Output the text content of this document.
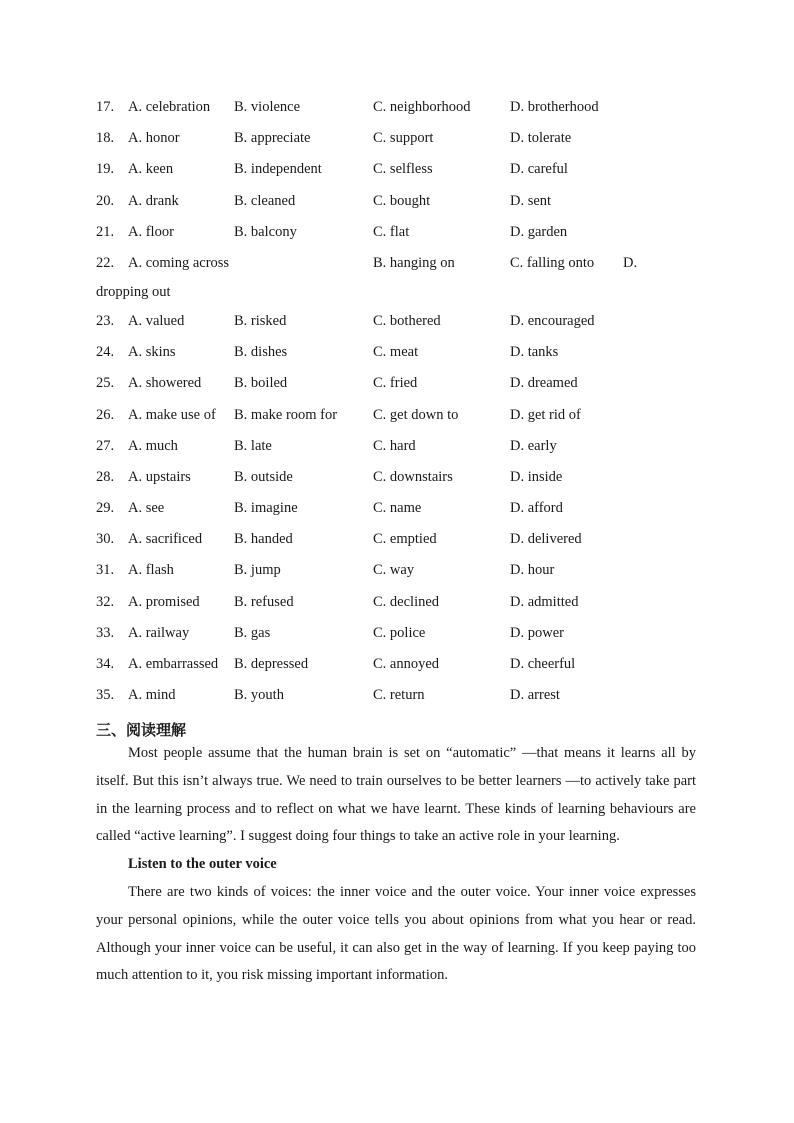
17. A. celebration B. violence	C. neighborhood	D. brotherhood
18. A. honor	B. appreciate	C. support	D. tolerate
19. A. keen	B. independent	C. selfless	D. careful
20. A. drank	B. cleaned	C. bought	D. sent
21. A. floor	B. balcony	C. flat	D. garden
22. A. coming across	B. hanging on	C. falling onto D.
dropping out
23. A. valued	B. risked	C. bothered	D. encouraged
24. A. skins	B. dishes	C. meat	D. tanks
25. A. showered B. boiled	C. fried	D. dreamed
26. A. make use of B. make room for C. get down to	D. get rid of
27. A. much	B. late	C. hard	D. early
28. A. upstairs	B. outside	C. downstairs	D. inside
29. A. see	B. imagine	C. name	D. afford
30. A. sacrificed B. handed	C. emptied	D. delivered
31. A. flash	B. jump	C. way	D. hour
32. A. promised B. refused	C. declined	D. admitted
33. A. railway	B. gas	C. police	D. power
34. A. embarrassed B. depressed	C. annoyed	D. cheerful
35. A. mind	B. youth	C. return	D. arrest
三、阅读理解

Most people assume that the human brain is set on “automatic” —that means it learns all by itself. But this isn’t always true. We need to train ourselves to be better learners —to actively take part in the learning process and to reflect on what we have learnt. These kinds of learning behaviours are called “active learning”. I suggest doing four things to take an active role in your learning.

Listen to the outer voice

There are two kinds of voices: the inner voice and the outer voice. Your inner voice expresses your personal opinions, while the outer voice tells you about opinions from what you hear or read. Although your inner voice can be useful, it can also get in the way of learning. If you keep paying too much attention to it, you risk missing important information.
